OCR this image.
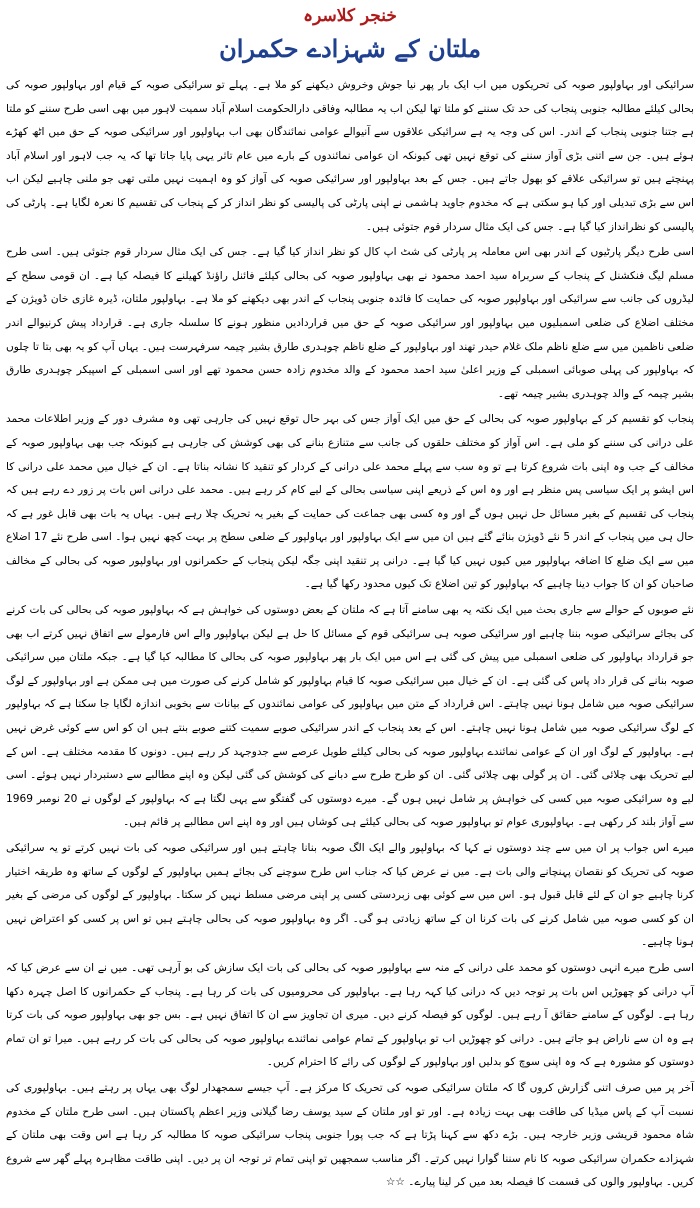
خنجر کلاسرہ
ملتان کے شہزادے حکمران

سرائیکی اور بہاولپور صوبہ کی تحریکوں میں اب ایک بار پھر نیا جوش وخروش دیکھنے کو ملا ہے۔ پہلے تو سرائیکی صوبہ کے قیام اور بہاولپور صوبہ کی بحالی کیلئے مطالبہ جنوبی پنجاب کی حد تک سننے کو ملتا تھا لیکن اب یہ مطالبہ وفاقی دارالحکومت اسلام آباد سمیت لاہور میں بھی اسی طرح سننے کو ملتا ہے جتنا جنوبی پنجاب کے اندر۔ اس کی وجہ یہ ہے سرائیکی علاقوں سے آنیوالے عوامی نمائندگان بھی اب بہاولپور اور سرائیکی صوبہ کے حق میں اٹھ کھڑے ہوئے ہیں۔ جن سے اتنی بڑی آواز سننے کی توقع نہیں تھی کیونکہ ان عوامی نمائندوں کے بارے میں عام تاثر یہی پایا جاتا تھا کہ یہ جب لاہور اور اسلام آباد پہنچتے ہیں تو سرائیکی علاقے کو بھول جاتے ہیں۔ جس کے بعد بہاولپور اور سرائیکی صوبہ کی آواز کو وہ اہمیت نہیں ملتی تھی جو ملنی چاہیے لیکن اب اس سے بڑی تبدیلی اور کیا ہو سکتی ہے کہ مخدوم جاوید ہاشمی نے اپنی پارٹی کی پالیسی کو نظر انداز کر کے پنجاب کی تقسیم کا نعرہ لگایا ہے۔ پارٹی کی پالیسی کو نظرانداز کیا گیا ہے۔ جس کی ایک مثال سردار قوم جتوئی ہیں۔

اسی طرح دیگر پارٹیوں کے اندر بھی اس معاملہ پر پارٹی کی شٹ اپ کال کو نظر انداز کیا گیا ہے۔ جس کی ایک مثال سردار قوم جتوئی ہیں۔ اسی طرح مسلم لیگ فنکشنل کے پنجاب کے سربراہ سید احمد محمود نے بھی بہاولپور صوبہ کی بحالی کیلئے فائنل راؤنڈ کھیلنے کا فیصلہ کیا ہے۔ ان قومی سطح کے لیڈروں کی جانب سے سرائیکی اور بہاولپور صوبہ کی حمایت کا فائدہ جنوبی پنجاب کے اندر بھی دیکھنے کو ملا ہے۔ بہاولپور ملتان، ڈیرہ غازی خان ڈویژن کے مختلف اضلاع کی ضلعی اسمبلیوں میں بہاولپور اور سرائیکی صوبہ کے حق میں قراردادیں منظور ہونے کا سلسلہ جاری ہے۔ قرارداد پیش کرنیوالے اندر ضلعی ناظمین میں سے ضلع ناظم ملک غلام حیدر تھند اور بہاولپور کے ضلع ناظم چوہدری طارق بشیر چیمہ سرفہرست ہیں۔ یہاں آپ کو یہ بھی بتا تا چلوں کہ بہاولپور کی پہلی صوبائی اسمبلی کے وزیر اعلیٰ سید احمد محمود کے والد مخدوم زادہ حسن محمود تھے اور اسی اسمبلی کے اسپیکر چوہدری طارق بشیر چیمہ کے والد چوہدری بشیر چیمہ تھے۔

پنجاب کو تقسیم کر کے بہاولپور صوبہ کی بحالی کے حق میں ایک آواز جس کی بہر حال توقع نہیں کی جارہی تھی وہ مشرف دور کے وزیر اطلاعات محمد علی درانی کی سننے کو ملی ہے۔ اس آواز کو مختلف حلقوں کی جانب سے متنازع بنانے کی بھی کوشش کی جارہی ہے کیونکہ جب بھی بہاولپور صوبہ کے مخالف کے جب وہ اپنی بات شروع کرتا ہے تو وہ سب سے پہلے محمد علی درانی کے کردار کو تنقید کا نشانہ بناتا ہے۔ ان کے خیال میں محمد علی درانی کا اس ایشو پر ایک سیاسی پس منظر ہے اور وہ اس کے ذریعے اپنی سیاسی بحالی کے لیے کام کر رہے ہیں۔ محمد علی درانی اس بات پر زور دے رہے ہیں کہ پنجاب کی تقسیم کے بغیر مسائل حل نہیں ہوں گے اور وہ کسی بھی جماعت کی حمایت کے بغیر یہ تحریک چلا رہے ہیں۔ یہاں یہ بات بھی قابل غور ہے کہ حال ہی میں پنجاب کے اندر 5 نئے ڈویژن بنائے گئے ہیں ان میں سے ایک بہاولپور اور بہاولپور کے ضلعی سطح پر بہت کچھ نہیں ہوا۔ اسی طرح نئے 17 اضلاع میں سے ایک ضلع کا اضافہ بہاولپور میں کیوں نہیں کیا گیا ہے۔ درانی پر تنقید اپنی جگہ لیکن پنجاب کے حکمرانوں اور بہاولپور صوبہ کی بحالی کے مخالف صاحبان کو ان کا جواب دینا چاہیے کہ بہاولپور کو تین اضلاع تک کیوں محدود رکھا گیا ہے۔

نئے صوبوں کے حوالے سے جاری بحث میں ایک نکتہ یہ بھی سامنے آتا ہے کہ ملتان کے بعض دوستوں کی خواہش ہے کہ بہاولپور صوبہ کی بحالی کی بات کرنے کی بجائے سرائیکی صوبہ بننا چاہیے اور سرائیکی صوبہ ہی سرائیکی قوم کے مسائل کا حل ہے لیکن بہاولپور والے اس فارمولے سے اتفاق نہیں کرتے اب بھی جو قرارداد بہاولپور کی ضلعی اسمبلی میں پیش کی گئی ہے اس میں ایک بار پھر بہاولپور صوبہ کی بحالی کا مطالبہ کیا گیا ہے۔ جبکہ ملتان میں سرائیکی صوبہ بنانے کی قرار داد پاس کی گئی ہے۔ ان کے خیال میں سرائیکی صوبہ کا قیام بہاولپور کو شامل کرنے کی صورت میں ہی ممکن ہے اور بہاولپور کے لوگ سرائیکی صوبہ میں شامل ہونا نہیں چاہتے۔ اس قرارداد کے متن میں بہاولپور کی عوامی نمائندوں کے بیانات سے بخوبی اندازہ لگایا جا سکتا ہے کہ بہاولپور کے لوگ سرائیکی صوبہ میں شامل ہونا نہیں چاہتے۔ اس کے بعد پنجاب کے اندر سرائیکی صوبے سمیت کتنے صوبے بنتے ہیں ان کو اس سے کوئی غرض نہیں ہے۔ بہاولپور کے لوگ اور ان کے عوامی نمائندے بہاولپور صوبہ کی بحالی کیلئے طویل عرصے سے جدوجہد کر رہے ہیں۔ دونوں کا مقدمہ مختلف ہے۔ اس کے لیے تحریک بھی چلائی گئی۔ ان پر گولی بھی چلائی گئی۔ ان کو طرح طرح سے دبانے کی کوشش کی گئی لیکن وہ اپنے مطالبے سے دستبردار نہیں ہوئے۔ اسی لیے وہ سرائیکی صوبہ میں کسی کی خواہش پر شامل نہیں ہوں گے۔ میرے دوستوں کی گفتگو سے یہی لگتا ہے کہ بہاولپور کے لوگوں نے 20 نومبر 1969 سے آواز بلند کر رکھی ہے۔ بہاولپوری عوام تو بہاولپور صوبہ کی بحالی کیلئے ہی کوشاں ہیں اور وہ اپنے اس مطالبے پر قائم ہیں۔

میرے اس جواب پر ان میں سے چند دوستوں نے کہا کہ بہاولپور والے ایک الگ صوبہ بنانا چاہتے ہیں اور سرائیکی صوبہ کی بات نہیں کرتے تو یہ سرائیکی صوبہ کی تحریک کو نقصان پہنچانے والی بات ہے۔ میں نے عرض کیا کہ جناب اس طرح سوچنے کی بجائے ہمیں بہاولپور کے لوگوں کے ساتھ وہ طریقہ اختیار کرنا چاہیے جو ان کے لئے قابل قبول ہو۔ اس میں سے کوئی بھی زبردستی کسی پر اپنی مرضی مسلط نہیں کر سکتا۔ بہاولپور کے لوگوں کی مرضی کے بغیر ان کو کسی صوبہ میں شامل کرنے کی بات کرنا ان کے ساتھ زیادتی ہو گی۔ اگر وہ بہاولپور صوبہ کی بحالی چاہتے ہیں تو اس پر کسی کو اعتراض نہیں ہونا چاہیے۔

اسی طرح میرے انہی دوستوں کو محمد علی درانی کے منہ سے بہاولپور صوبہ کی بحالی کی بات ایک سازش کی بو آرہی تھی۔ میں نے ان سے عرض کیا کہ آپ درانی کو چھوڑیں اس بات پر توجہ دیں کہ درانی کیا کہہ رہا ہے۔ بہاولپور کی محرومیوں کی بات کر رہا ہے۔ پنجاب کے حکمرانوں کا اصل چہرہ دکھا رہا ہے۔ لوگوں کے سامنے حقائق آ رہے ہیں۔ لوگوں کو فیصلہ کرنے دیں۔ میری ان تجاویز سے ان کا اتفاق نہیں ہے۔ بس جو بھی بہاولپور صوبہ کی بات کرتا ہے وہ ان سے ناراض ہو جاتے ہیں۔ درانی کو چھوڑیں اب تو بہاولپور کے تمام عوامی نمائندے بہاولپور صوبہ کی بحالی کی بات کر رہے ہیں۔ میرا تو ان تمام دوستوں کو مشورہ ہے کہ وہ اپنی سوچ کو بدلیں اور بہاولپور کے لوگوں کی رائے کا احترام کریں۔

آخر پر میں صرف اتنی گزارش کروں گا کہ ملتان سرائیکی صوبہ کی تحریک کا مرکز ہے۔ آپ جیسے سمجھدار لوگ بھی یہاں پر رہتے ہیں۔ بہاولپوری کی نسبت آپ کے پاس میڈیا کی طاقت بھی بہت زیادہ ہے۔ اور تو اور ملتان کے سید یوسف رضا گیلانی وزیر اعظم پاکستان ہیں۔ اسی طرح ملتان کے مخدوم شاہ محمود قریشی وزیر خارجہ ہیں۔ بڑے دکھ سے کہنا پڑتا ہے کہ جب پورا جنوبی پنجاب سرائیکی صوبہ کا مطالبہ کر رہا ہے اس وقت بھی ملتان کے شہزادے حکمران سرائیکی صوبہ کا نام سننا گوارا نہیں کرتے۔ اگر مناسب سمجھیں تو اپنی تمام تر توجہ ان پر دیں۔ اپنی طاقت مظاہرہ پہلے گھر سے شروع کریں۔ بہاولپور والوں کی قسمت کا فیصلہ بعد میں کر لینا پیارے۔ ☆☆
